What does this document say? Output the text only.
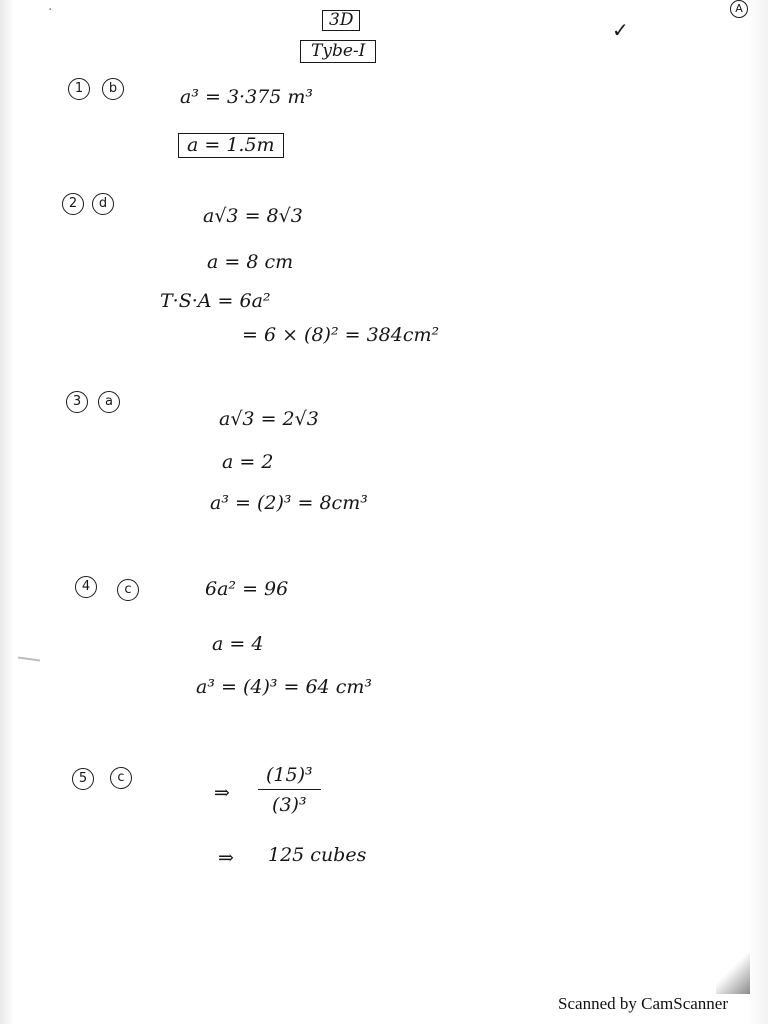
·	3D
Tybe-I
A
✓
1	b	a³ = 3·375 m³
a = 1.5m
2	d
a√3 = 8√3
a = 8 cm
T·S·A = 6a²
= 6 × (8)² = 384cm²
3	a
a√3 = 2√3
a = 2
a³ = (2)³ = 8cm³
4	c	6a² = 96
a = 4
a³ = (4)³ = 64 cm³
5	c
⇒ $\frac{\text{(15)³}}{\text{(3)³}}$
⇒ 125 cubes
Scanned by CamScanner
